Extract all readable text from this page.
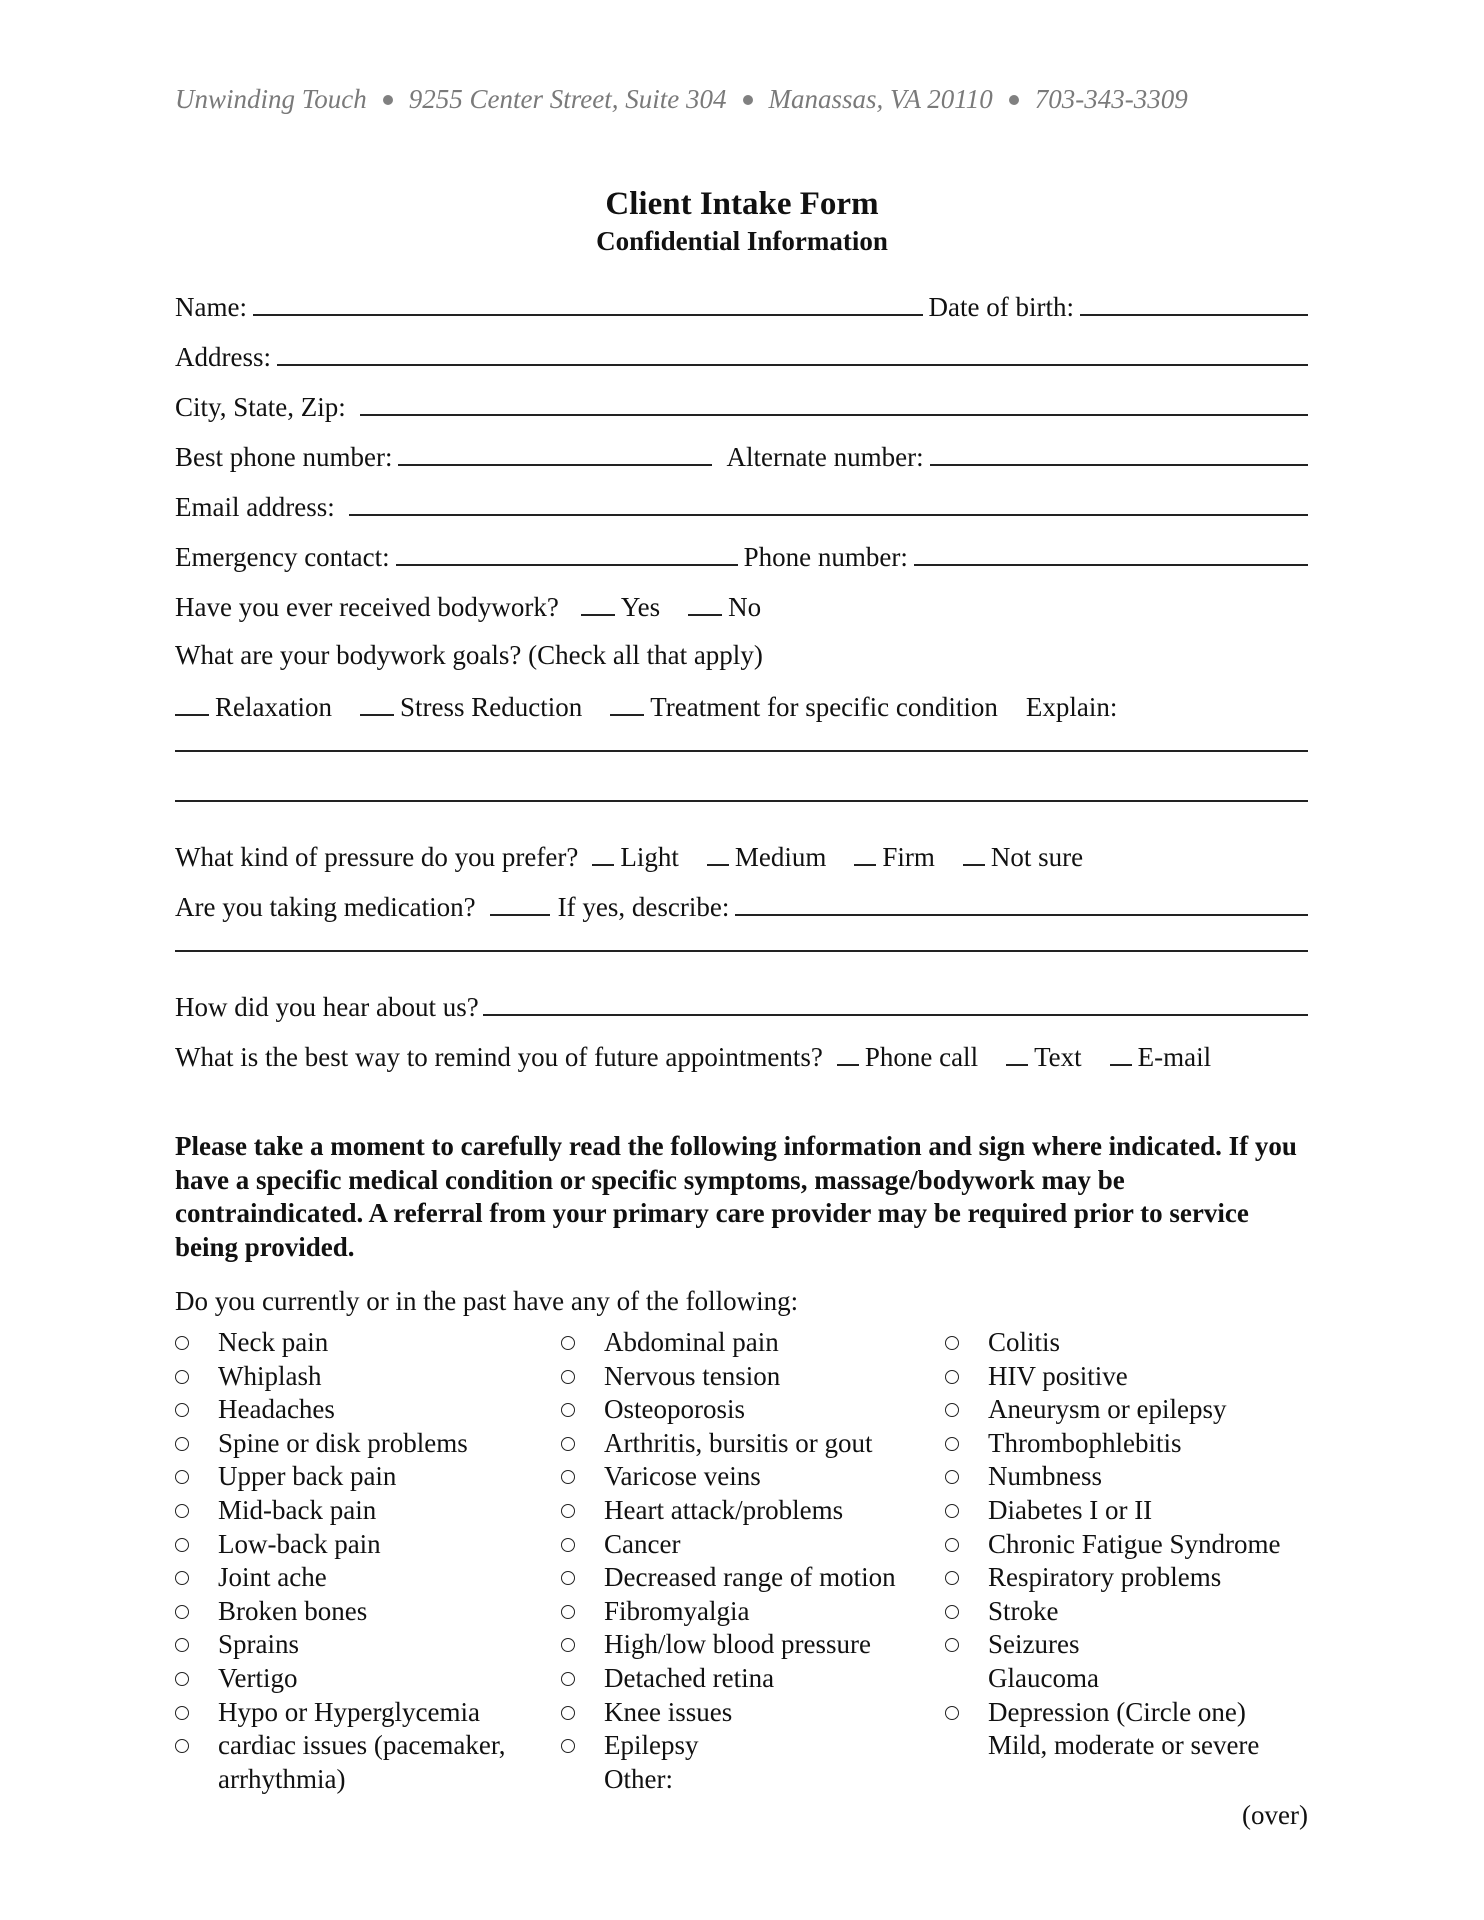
Unwinding Touch 9255 Center Street, Suite 304 Manassas, VA 20110 703-343-3309
Client Intake Form
Confidential Information
Name:	Date of birth:
Address:
City, State, Zip:
Best phone number:	Alternate number:
Email address:
Emergency contact:	Phone number:
Have you ever received bodywork? Yes	No
What are your bodywork goals? (Check all that apply)
Relaxation	Stress Reduction	Treatment for specific condition Explain:
What kind of pressure do you prefer? Light Medium Firm Not sure
Are you taking medication?	If yes, describe:
How did you hear about us?
What is the best way to remind you of future appointments? Phone call Text E-mail
Please take a moment to carefully read the following information and sign where indicated. If you have a specific medical condition or specific symptoms, massage/bodywork may be contraindicated. A referral from your primary care provider may be required prior to service being provided.
Do you currently or in the past have any of the following:
Neck pain
Whiplash
Headaches
Spine or disk problems
Upper back pain
Mid-back pain
Low-back pain
Joint ache
Broken bones
Sprains
Vertigo
Hypo or Hyperglycemia
cardiac issues (pacemaker,
arrhythmia)
Abdominal pain
Nervous tension
Osteoporosis
Arthritis, bursitis or gout
Varicose veins
Heart attack/problems
Cancer
Decreased range of motion
Fibromyalgia
High/low blood pressure
Detached retina
Knee issues
Epilepsy
Other:
Colitis
HIV positive
Aneurysm or epilepsy
Thrombophlebitis
Numbness
Diabetes I or II
Chronic Fatigue Syndrome
Respiratory problems
Stroke
Seizures
Glaucoma
Depression (Circle one)
Mild, moderate or severe
(over)
